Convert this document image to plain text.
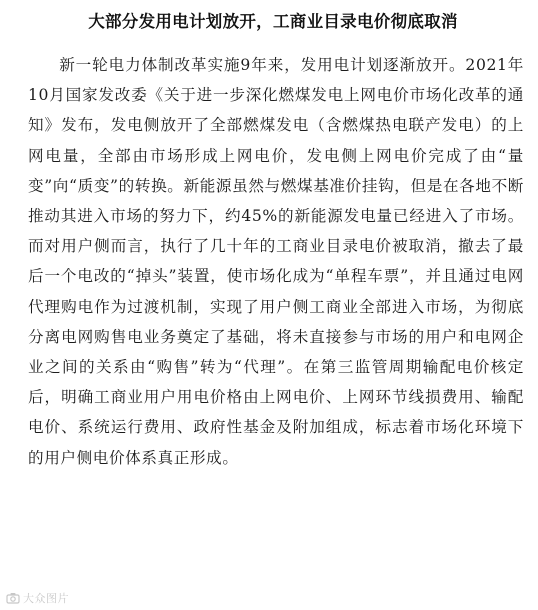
大部分发用电计划放开，工商业目录电价彻底取消

新一轮电力体制改革实施9年来，发用电计划逐渐放开。2021年10月国家发改委《关于进一步深化燃煤发电上网电价市场化改革的通知》发布，发电侧放开了全部燃煤发电（含燃煤热电联产发电）的上网电量，全部由市场形成上网电价，发电侧上网电价完成了由“量变”向“质变”的转换。新能源虽然与燃煤基准价挂钩，但是在各地不断推动其进入市场的努力下，约45%的新能源发电量已经进入了市场。而对用户侧而言，执行了几十年的工商业目录电价被取消，撤去了最后一个电改的“掉头”装置，使市场化成为“单程车票”，并且通过电网代理购电作为过渡机制，实现了用户侧工商业全部进入市场，为彻底分离电网购售电业务奠定了基础，将未直接参与市场的用户和电网企业之间的关系由“购售”转为“代理”。在第三监管周期输配电价核定后，明确工商业用户用电价格由上网电价、上网环节线损费用、输配电价、系统运行费用、政府性基金及附加组成，标志着市场化环境下的用户侧电价体系真正形成。

大众图片
